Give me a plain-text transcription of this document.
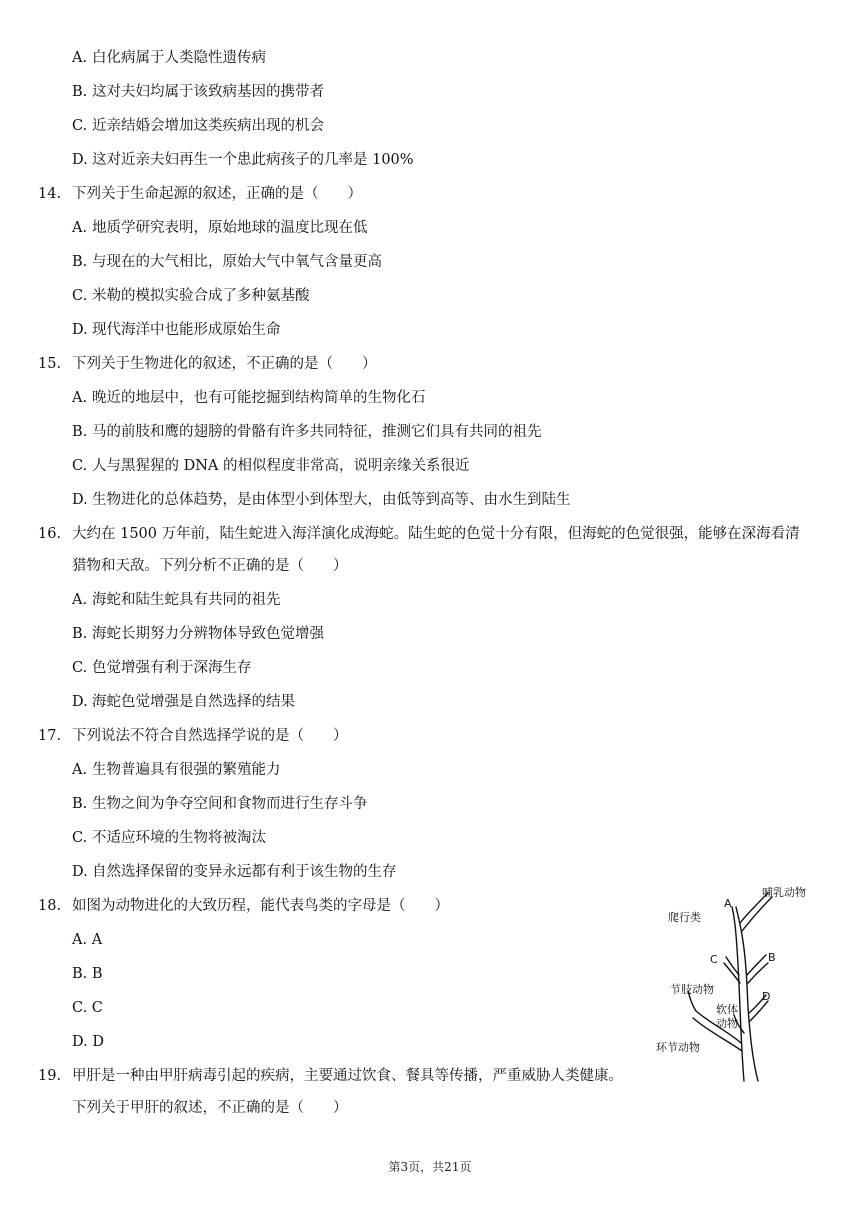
A. 白化病属于人类隐性遗传病
B. 这对夫妇均属于该致病基因的携带者
C. 近亲结婚会增加这类疾病出现的机会
D. 这对近亲夫妇再生一个患此病孩子的几率是 100%
14. 下列关于生命起源的叙述，正确的是（　　）
A. 地质学研究表明，原始地球的温度比现在低
B. 与现在的大气相比，原始大气中氧气含量更高
C. 米勒的模拟实验合成了多种氨基酸
D. 现代海洋中也能形成原始生命
15. 下列关于生物进化的叙述，不正确的是（　　）
A. 晚近的地层中，也有可能挖掘到结构简单的生物化石
B. 马的前肢和鹰的翅膀的骨骼有许多共同特征，推测它们具有共同的祖先
C. 人与黑猩猩的 DNA 的相似程度非常高，说明亲缘关系很近
D. 生物进化的总体趋势，是由体型小到体型大，由低等到高等、由水生到陆生
16. 大约在 1500 万年前，陆生蛇进入海洋演化成海蛇。陆生蛇的色觉十分有限，但海蛇的色觉很强，能够在深海看清
猎物和天敌。下列分析不正确的是（　　）
A. 海蛇和陆生蛇具有共同的祖先
B. 海蛇长期努力分辨物体导致色觉增强
C. 色觉增强有利于深海生存
D. 海蛇色觉增强是自然选择的结果
17. 下列说法不符合自然选择学说的是（　　）
A. 生物普遍具有很强的繁殖能力
B. 生物之间为争夺空间和食物而进行生存斗争
C. 不适应环境的生物将被淘汰
D. 自然选择保留的变异永远都有利于该生物的生存
18. 如图为动物进化的大致历程，能代表鸟类的字母是（　　）
A. A
B. B
C. C
D. D
A
哺乳动物
爬行类
C	B
节肢动物
D
软体
动物
环节动物
19. 甲肝是一种由甲肝病毒引起的疾病，主要通过饮食、餐具等传播，严重威胁人类健康。
下列关于甲肝的叙述，不正确的是（　　）
第3页，共21页
